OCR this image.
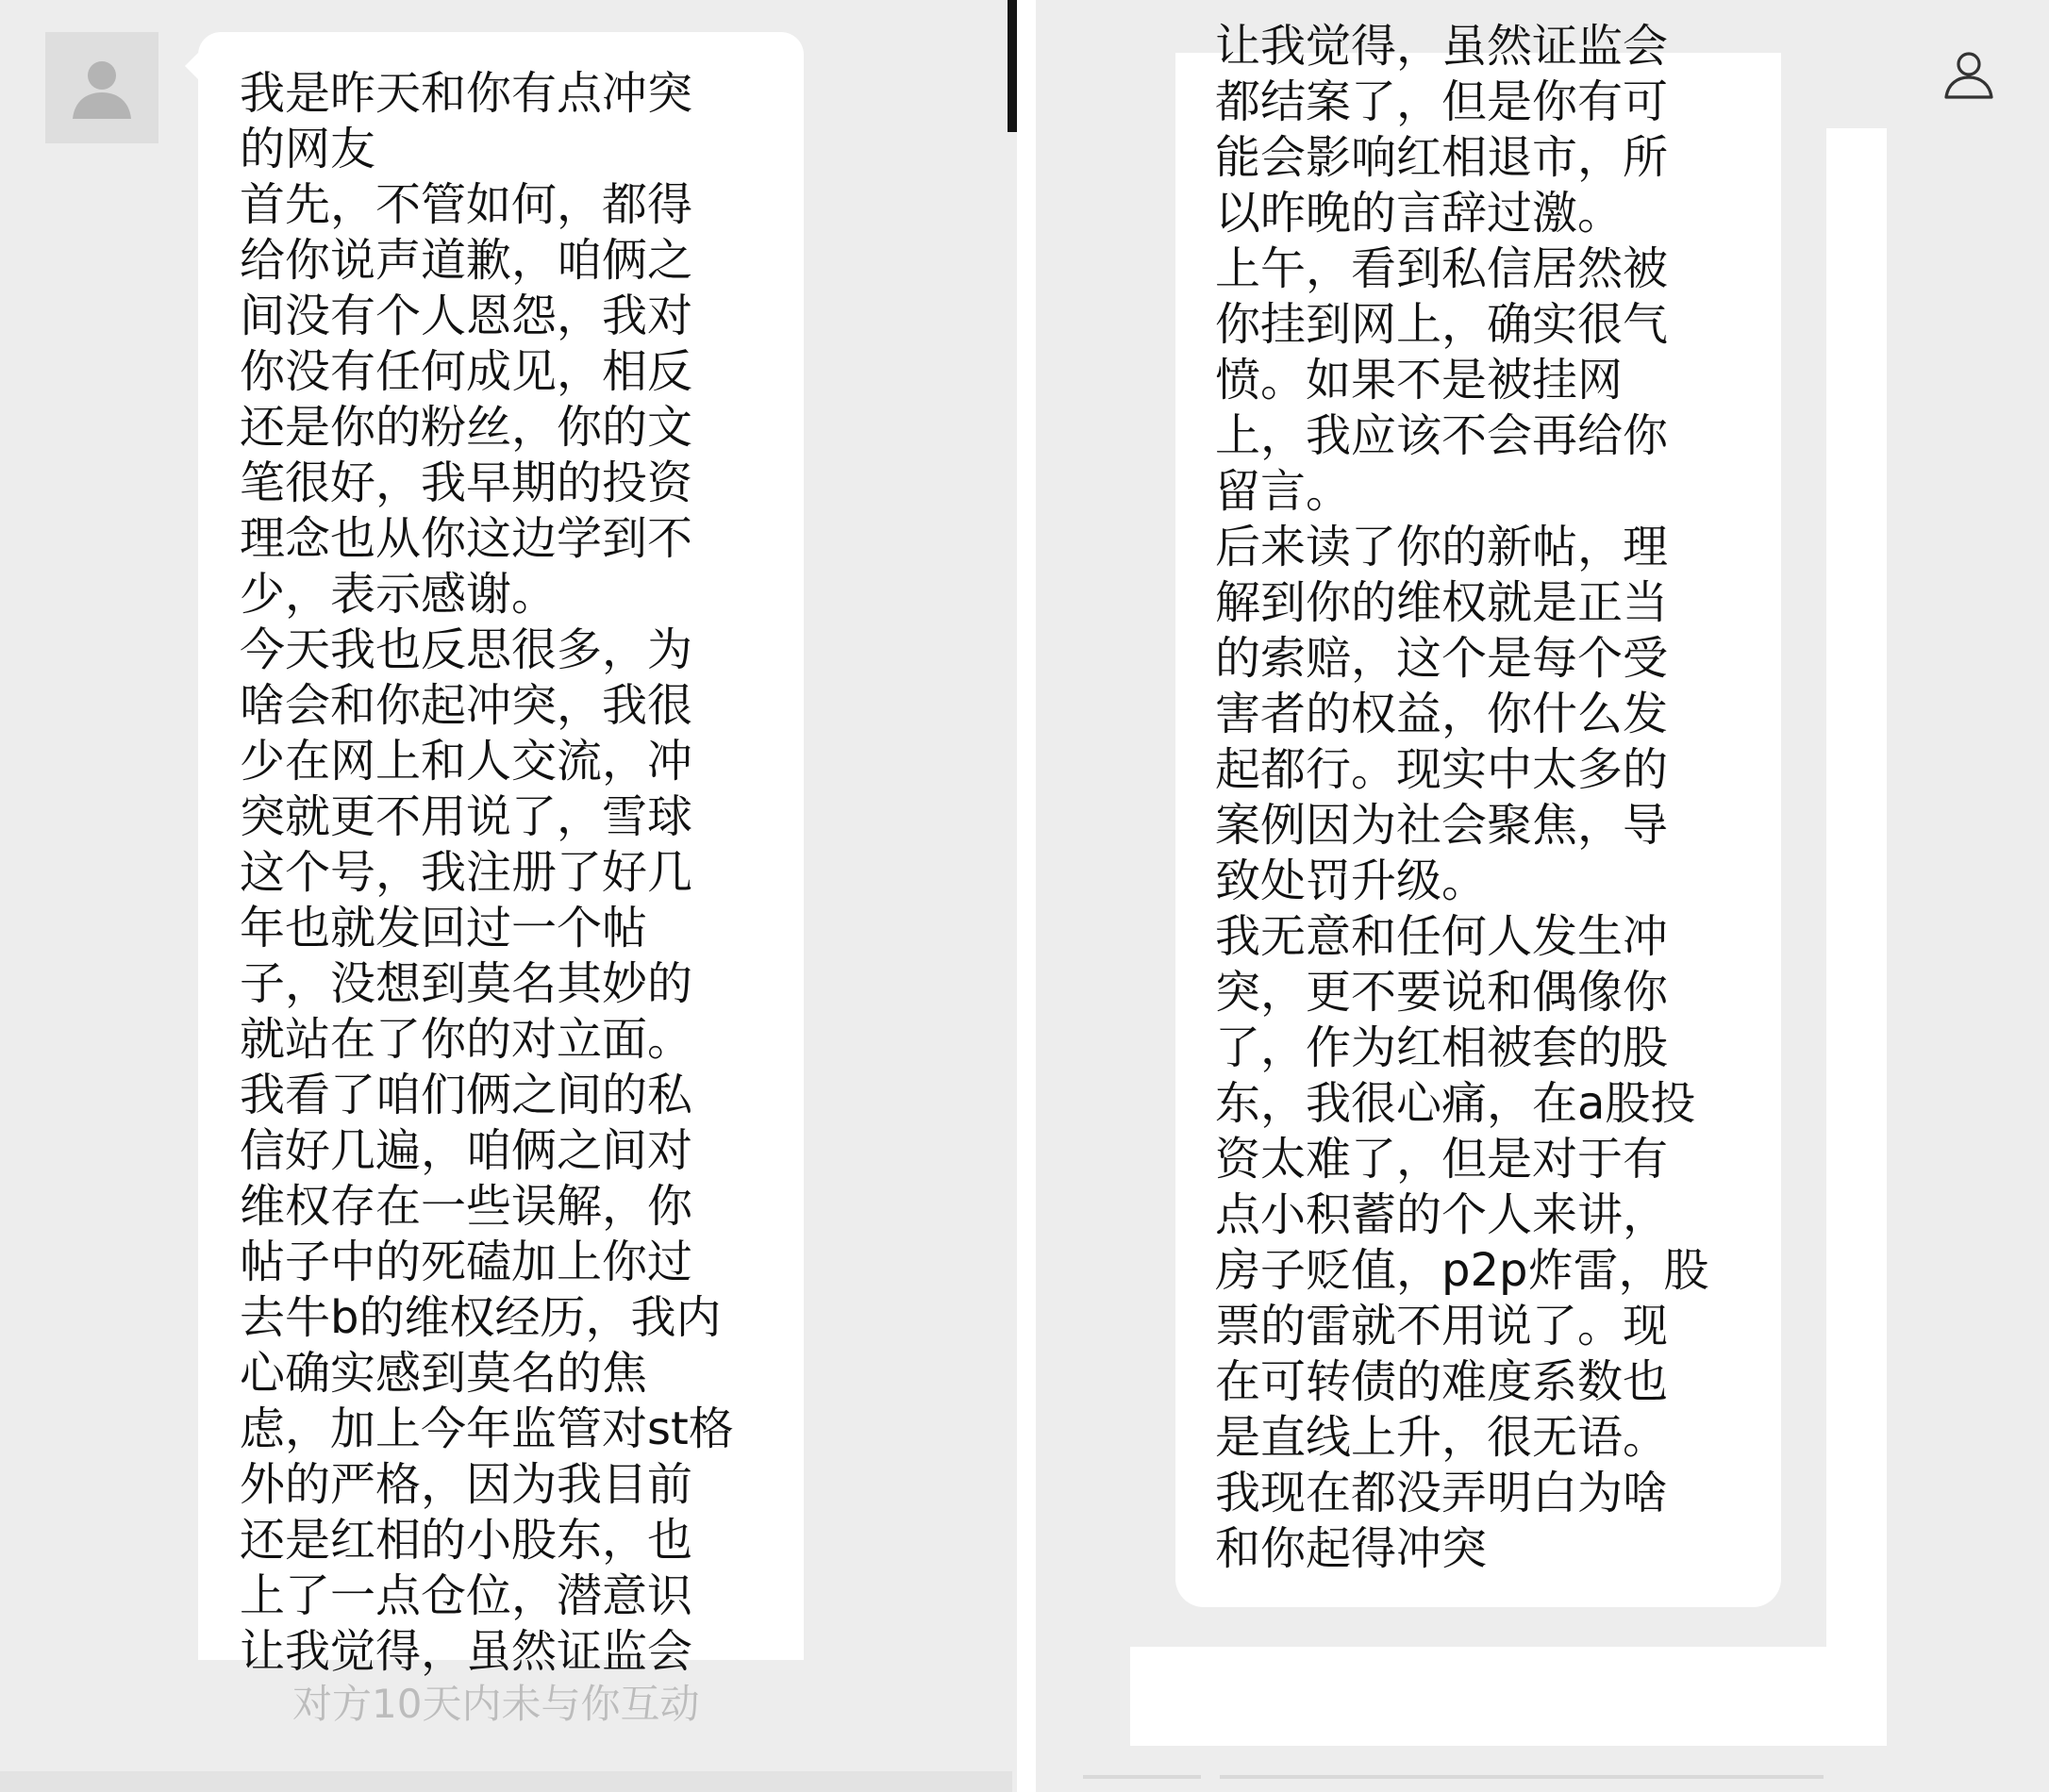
我是昨天和你有点冲突
的网友
首先，不管如何，都得
给你说声道歉，咱俩之
间没有个人恩怨，我对
你没有任何成见，相反
还是你的粉丝，你的文
笔很好，我早期的投资
理念也从你这边学到不
少，表示感谢。
今天我也反思很多，为
啥会和你起冲突，我很
少在网上和人交流，冲
突就更不用说了，雪球
这个号，我注册了好几
年也就发回过一个帖
子，没想到莫名其妙的
就站在了你的对立面。
我看了咱们俩之间的私
信好几遍，咱俩之间对
维权存在一些误解，你
帖子中的死磕加上你过
去牛b的维权经历，我内
心确实感到莫名的焦
虑，加上今年监管对st格
外的严格，因为我目前
还是红相的小股东，也
上了一点仓位，潜意识
让我觉得，虽然证监会
对方10天内未与你互动
让我觉得，虽然证监会
都结案了，但是你有可
能会影响红相退市，所
以昨晚的言辞过激。
上午，看到私信居然被
你挂到网上，确实很气
愤。如果不是被挂网
上，我应该不会再给你
留言。
后来读了你的新帖，理
解到你的维权就是正当
的索赔，这个是每个受
害者的权益，你什么发
起都行。现实中太多的
案例因为社会聚焦，导
致处罚升级。
我无意和任何人发生冲
突，更不要说和偶像你
了，作为红相被套的股
东，我很心痛，在a股投
资太难了，但是对于有
点小积蓄的个人来讲，
房子贬值，p2p炸雷，股
票的雷就不用说了。现
在可转债的难度系数也
是直线上升，很无语。
我现在都没弄明白为啥
和你起得冲突
